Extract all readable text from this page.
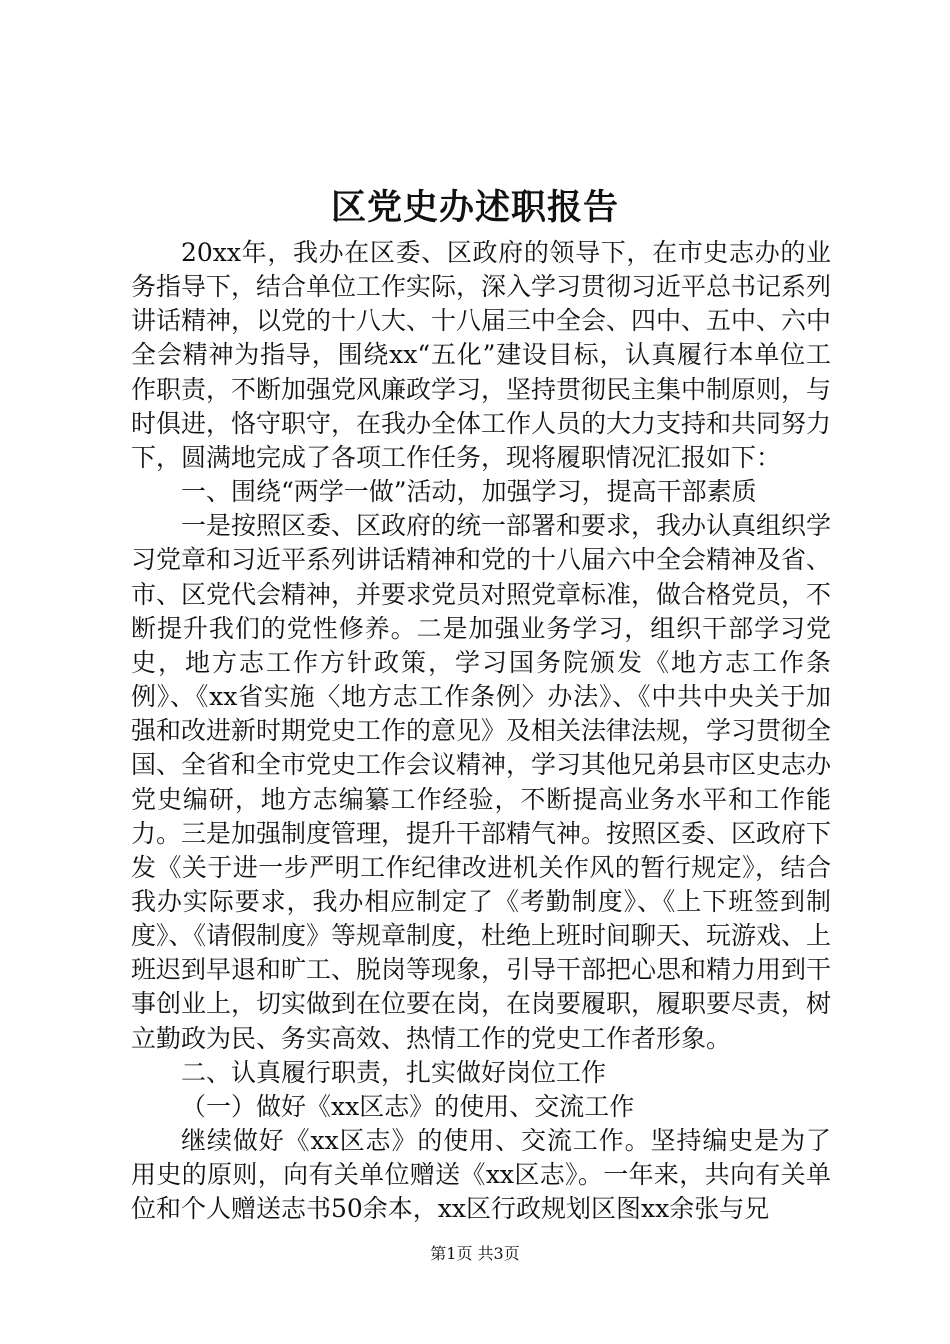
区党史办述职报告

20xx年，我办在区委、区政府的领导下，在市史志办的业务指导下，结合单位工作实际，深入学习贯彻习近平总书记系列讲话精神，以党的十八大、十八届三中全会、四中、五中、六中全会精神为指导，围绕xx“五化”建设目标，认真履行本单位工作职责，不断加强党风廉政学习，坚持贯彻民主集中制原则，与时俱进，恪守职守，在我办全体工作人员的大力支持和共同努力下，圆满地完成了各项工作任务，现将履职情况汇报如下：

一、围绕“两学一做”活动，加强学习，提高干部素质

一是按照区委、区政府的统一部署和要求，我办认真组织学习党章和习近平系列讲话精神和党的十八届六中全会精神及省、市、区党代会精神，并要求党员对照党章标准，做合格党员，不断提升我们的党性修养。二是加强业务学习，组织干部学习党史，地方志工作方针政策，学习国务院颁发《地方志工作条例》、《xx省实施〈地方志工作条例〉办法》、《中共中央关于加强和改进新时期党史工作的意见》及相关法律法规，学习贯彻全国、全省和全市党史工作会议精神，学习其他兄弟县市区史志办党史编研，地方志编纂工作经验，不断提高业务水平和工作能力。三是加强制度管理，提升干部精气神。按照区委、区政府下发《关于进一步严明工作纪律改进机关作风的暂行规定》，结合我办实际要求，我办相应制定了《考勤制度》、《上下班签到制度》、《请假制度》等规章制度，杜绝上班时间聊天、玩游戏、上班迟到早退和旷工、脱岗等现象，引导干部把心思和精力用到干事创业上，切实做到在位要在岗，在岗要履职，履职要尽责，树立勤政为民、务实高效、热情工作的党史工作者形象。

二、认真履行职责，扎实做好岗位工作

（一）做好《xx区志》的使用、交流工作

继续做好《xx区志》的使用、交流工作。坚持编史是为了用史的原则，向有关单位赠送《xx区志》。一年来，共向有关单位和个人赠送志书50余本，xx区行政规划区图xx余张与兄

第1页 共3页
